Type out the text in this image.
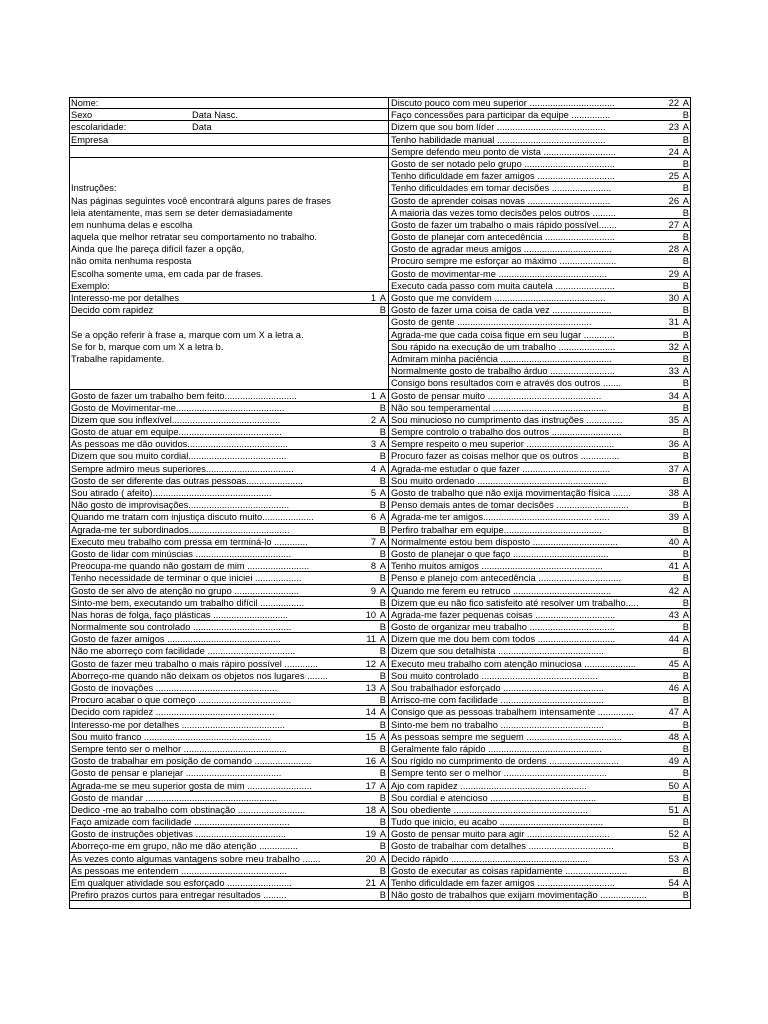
Nome:
Sexo	Data Nasc.
escolaridade:	Data
Empresa
Instruções:
Nas páginas seguintes você encontrará alguns pares de frases
leia atentamente, mas sem se deter demasiadamente
em nunhuma delas e escolha
aquela que melhor retratar seu comportamento no trabalho.
Ainda que lhe pareça difícil fazer a opção,
não omita nenhuma resposta
Escolha somente uma, em cada par de frases.
Exemplo:
Interesso-me por detalhes	1 A
Decido com rapidez	B
Se a opção referir à frase a, marque com um X a letra a.
Se for b, marque com um X a letra b.
Trabalhe rapidamente.
Gosto de fazer um trabalho bem feito............................	1 A
Gosto de Movimentar-me..........................................	B
Dizem que sou inflexível..........................................	2 A
Gosto de atuar em equipe........................................	B
As pessoas me dão ouvidos.......................................	3 A
Dizem que sou muito cordial......................................	B
Sempre admiro meus superiores..................................	4 A
Gosto de ser diferente das outras pessoas......................	B
Sou atirado ( afeito)..............................................	5 A
Não gosto de improvisações.......................................	B
Quando me tratam com injustiça discuto muito....................	6 A
Agrada-me ter subordinados.......................................	B
Executo meu trabalho com pressa em terminá-lo .............	7 A
Gosto de lidar com minúscias .....................................	B
Preocupa-me quando não gostam de mim ........................	8 A
Tenho necessidade de terminar o que iniciei ..................	B
Gosto de ser alvo de atenção no grupo .........................	9 A
Sinto-me bem, executando um trabalho difícil .................	B
Nas horas de folga, faço plásticas .............................	10 A
Normalmente sou controlado ......................................	B
Gosto de fazer amigos ............................................	11 A
Não me aborreço com facilidade ..................................	B
Gosto de fazer meu trabalho o mais rápiro possível .............	12 A
Aborreço-me quando não deixam os objetos nos lugares ........	B
Gosto de inovações ...............................................	13 A
Procuro acabar o que começo ....................................	B
Decido com rapidez ..............................................	14 A
Interesso-me por detalhes ........................................	B
Sou muito franco .................................................	15 A
Sempre tento ser o melhor ........................................	B
Gosto de trabalhar em posição de comando ......................	16 A
Gosto de pensar e planejar .....................................	B
Agrada-me se meu superior gosta de mim .........................	17 A
Gosto de mandar ...................................................	B
Dedico -me ao trabalho com obstinação ..........................	18 A
Faço amizade com facilidade .....................................	B
Gosto de instruções objetivas ...................................	19 A
Aborreço-me em grupo, não me dão atenção ...............	B
Às vezes conto algumas vantagens sobre meu trabalho .......	20 A
As pessoas me entendem .........................................	B
Em qualquer atividade sou esforçado .........................	21 A
Prefiro prazos curtos para entregar resultados .........	B
Discuto pouco com meu superior .................................	22 A
Faço concessões para participar da equipe ...............	B
Dizem que sou bom líder ..........................................	23 A
Tenho habilidade manual ..........................................	B
Sempre defendo meu ponto de vista ............................	24 A
Gosto de ser notado pelo grupo ...................................	B
Tenho dificuldade em fazer amigos ..............................	25 A
Tenho dificuldades em tomar decisões .......................	B
Gosto de aprender coisas novas ................................	26 A
A maioria das vezes tomo decisões pelos outros .........	B
Gosto de fazer um trabalho o mais rápido possível.......	27 A
Gosto de planejar com antecedência ...........................	B
Gosto de agradar meus amigos ..................................	28 A
Procuro sempre me esforçar ao máximo ......................	B
Gosto de movimentar-me ..........................................	29 A
Executo cada passo com muita cautela .......................	B
Gosto que me convidem ...........................................	30 A
Gosto de fazer uma coisa de cada vez .......................	B
Gosto de gente ....................................................	31 A
Agrada-me que cada coisa fique em seu lugar ............	B
Sou rápido na execução de um trabalho ......................	32 A
Admiram minha paciência ...........................................	B
Normalmente gosto de trabalho árduo .........................	33 A
Consigo bons resultados com e através dos outros .......	B
Gosto de pensar muito ............................................	34 A
Não sou temperamental ............................................	B
Sou minucioso no cumprimento das instruções ..............	35 A
Sempre controlo o trabalho dos outros ...........................	B
Sempre respeito o meu superior ..................................	36 A
Procuro fazer as coisas melhor que os outros ...............	B
Agrada-me estudar o que fazer ..................................	37 A
Sou muito ordenado ..................................................	B
Gosto de trabalho que não exija movimentação física .......	38 A
Penso demais antes de tomar decisões ............................	B
Agrada-me ter amigos.......................................... ......	39 A
Perfiro trabalhar em equipe......................................	B
Normalmente estou bem disposto .................................	40 A
Gosto de planejar o que faço .....................................	B
Tenho muitos amigos ...............................................	41 A
Penso e planejo com antecedência ................................	B
Quando me ferem eu retruco ......................................	42 A
Dizem que eu não fico satisfeito até resolver um trabalho.....	B
Agrada-me fazer pequenas coisas ...............................	43 A
Gosto de organizar meu trabalho .................................	B
Dizem que me dou bem com todos ..............................	44 A
Dizem que sou detalhista .........................................	B
Executo meu trabalho com atenção minuciosa ....................	45 A
Sou muito controlado .............................................	B
Sou trabalhador esforçado .......................................	46 A
Arrisco-me com facilidade ........................................	B
Consigo que as pessoas trabalhem intensamente ..............	47 A
Sinto-me bem no trabalho ........................................	B
As pessoas sempre me seguem .....................................	48 A
Geralmente falo rápido ............................................	B
Sou rígido no cumprimento de ordens ...........................	49 A
Sempre tento ser o melhor ........................................	B
Ajo com rapidez .................................................	50 A
Sou cordial e atencioso .........................................	B
Sou obediente ....................................................	51 A
Tudo que inicio, eu acabo ........................................	B
Gosto de pensar muito para agir ................................	52 A
Gosto de trabalhar com detalhes .................................	B
Decido rápido .....................................................	53 A
Gosto de executar as coisas rapidamente ........................	B
Tenho dificuldade em fazer amigos ..............................	54 A
Não gosto de trabalhos que exijam movimentação ..................	B
